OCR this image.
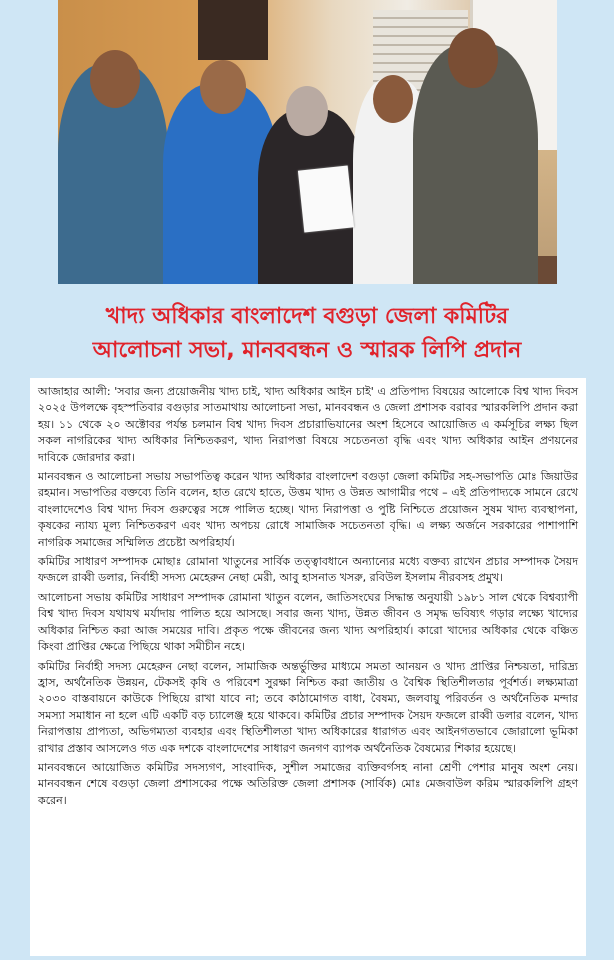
খাদ্য অধিকার বাংলাদেশ বগুড়া জেলা কমিটির
আলোচনা সভা, মানববন্ধন ও স্মারক লিপি প্রদান

আজাহার আলী: 'সবার জন্য প্রয়োজনীয় খাদ্য চাই, খাদ্য অধিকার আইন চাই' এ প্রতিপাদ্য বিষয়ের আলোকে বিশ্ব খাদ্য দিবস ২০২৫ উপলক্ষে বৃহস্পতিবার বগুড়ার সাতমাথায় আলোচনা সভা, মানববন্ধন ও জেলা প্রশাসক বরাবর স্মারকলিপি প্রদান করা হয়। ১১ থেকে ২০ অক্টোবর পর্যন্ত চলমান বিশ্ব খাদ্য দিবস প্রচারাভিযানের অংশ হিসেবে আয়োজিত এ কর্মসূচির লক্ষ্য ছিল সকল নাগরিকের খাদ্য অধিকার নিশ্চিতকরণ, খাদ্য নিরাপত্তা বিষয়ে সচেতনতা বৃদ্ধি এবং খাদ্য অধিকার আইন প্রণয়নের দাবিকে জোরদার করা।

মানববন্ধন ও আলোচনা সভায় সভাপতিত্ব করেন খাদ্য অধিকার বাংলাদেশ বগুড়া জেলা কমিটির সহ-সভাপতি মোঃ জিয়াউর রহমান। সভাপতির বক্তব্যে তিনি বলেন, হাত রেখে হাতে, উত্তম খাদ্য ও উন্নত আগামীর পথে – এই প্রতিপাদ্যকে সামনে রেখে বাংলাদেশেও বিশ্ব খাদ্য দিবস গুরুত্বের সঙ্গে পালিত হচ্ছে। খাদ্য নিরাপত্তা ও পুষ্টি নিশ্চিতে প্রয়োজন সুষম খাদ্য ব্যবস্থাপনা, কৃষকের ন্যায্য মূল্য নিশ্চিতকরণ এবং খাদ্য অপচয় রোধে সামাজিক সচেতনতা বৃদ্ধি। এ লক্ষ্য অর্জনে সরকারের পাশাপাশি নাগরিক সমাজের সম্মিলিত প্রচেষ্টা অপরিহার্য।

কমিটির সাধারণ সম্পাদক মোছাঃ রোমানা খাতুনের সার্বিক তত্ত্বাবধানে অন্যান্যের মধ্যে বক্তব্য রাখেন প্রচার সম্পাদক সৈয়দ ফজলে রাব্বী ডলার, নির্বাহী সদস্য মেহেরুন নেছা মেরী, আবু হাসনাত খসরু, রবিউল ইসলাম নীরবসহ প্রমুখ।

আলোচনা সভায় কমিটির সাধারণ সম্পাদক রোমানা খাতুন বলেন, জাতিসংঘের সিদ্ধান্ত অনুযায়ী ১৯৮১ সাল থেকে বিশ্বব্যাপী বিশ্ব খাদ্য দিবস যথাযথ মর্যাদায় পালিত হয়ে আসছে। সবার জন্য খাদ্য, উন্নত জীবন ও সমৃদ্ধ ভবিষ্যৎ গড়ার লক্ষ্যে খাদ্যের অধিকার নিশ্চিত করা আজ সময়ের দাবি। প্রকৃত পক্ষে জীবনের জন্য খাদ্য অপরিহার্য। কারো খাদ্যের অধিকার থেকে বঞ্চিত কিংবা প্রাপ্তির ক্ষেত্রে পিছিয়ে থাকা সমীচীন নহে।

কমিটির নির্বাহী সদস্য মেহেরুন নেছা বলেন, সামাজিক অন্তর্ভুক্তির মাধ্যমে সমতা আনয়ন ও খাদ্য প্রাপ্তির নিশ্চয়তা, দারিদ্র্য হ্রাস, অর্থনৈতিক উন্নয়ন, টেকসই কৃষি ও পরিবেশ সুরক্ষা নিশ্চিত করা জাতীয় ও বৈশ্বিক স্থিতিশীলতার পূর্বশর্ত। লক্ষ্যমাত্রা ২০৩০ বাস্তবায়নে কাউকে পিছিয়ে রাখা যাবে না; তবে কাঠামোগত বাধা, বৈষম্য, জলবায়ু পরিবর্তন ও অর্থনৈতিক মন্দার সমস্যা সমাধান না হলে এটি একটি বড় চ্যালেঞ্জ হয়ে থাকবে। কমিটির প্রচার সম্পাদক সৈয়দ ফজলে রাব্বী ডলার বলেন, খাদ্য নিরাপত্তায় প্রাপ্যতা, অভিগম্যতা ব্যবহার এবং স্থিতিশীলতা খাদ্য অধিকারের ধারাগত এবং আইনগতভাবে জোরালো ভূমিকা রাখার প্রস্তাব আসলেও গত এক দশকে বাংলাদেশের সাধারণ জনগণ ব্যাপক অর্থনৈতিক বৈষম্যের শিকার হয়েছে।

মানববন্ধনে আয়োজিত কমিটির সদস্যগণ, সাংবাদিক, সুশীল সমাজের ব্যক্তিবর্গসহ নানা শ্রেণী পেশার মানুষ অংশ নেয়। মানববন্ধন শেষে বগুড়া জেলা প্রশাসকের পক্ষে অতিরিক্ত জেলা প্রশাসক (সার্বিক) মোঃ মেজবাউল করিম স্মারকলিপি গ্রহণ করেন।
